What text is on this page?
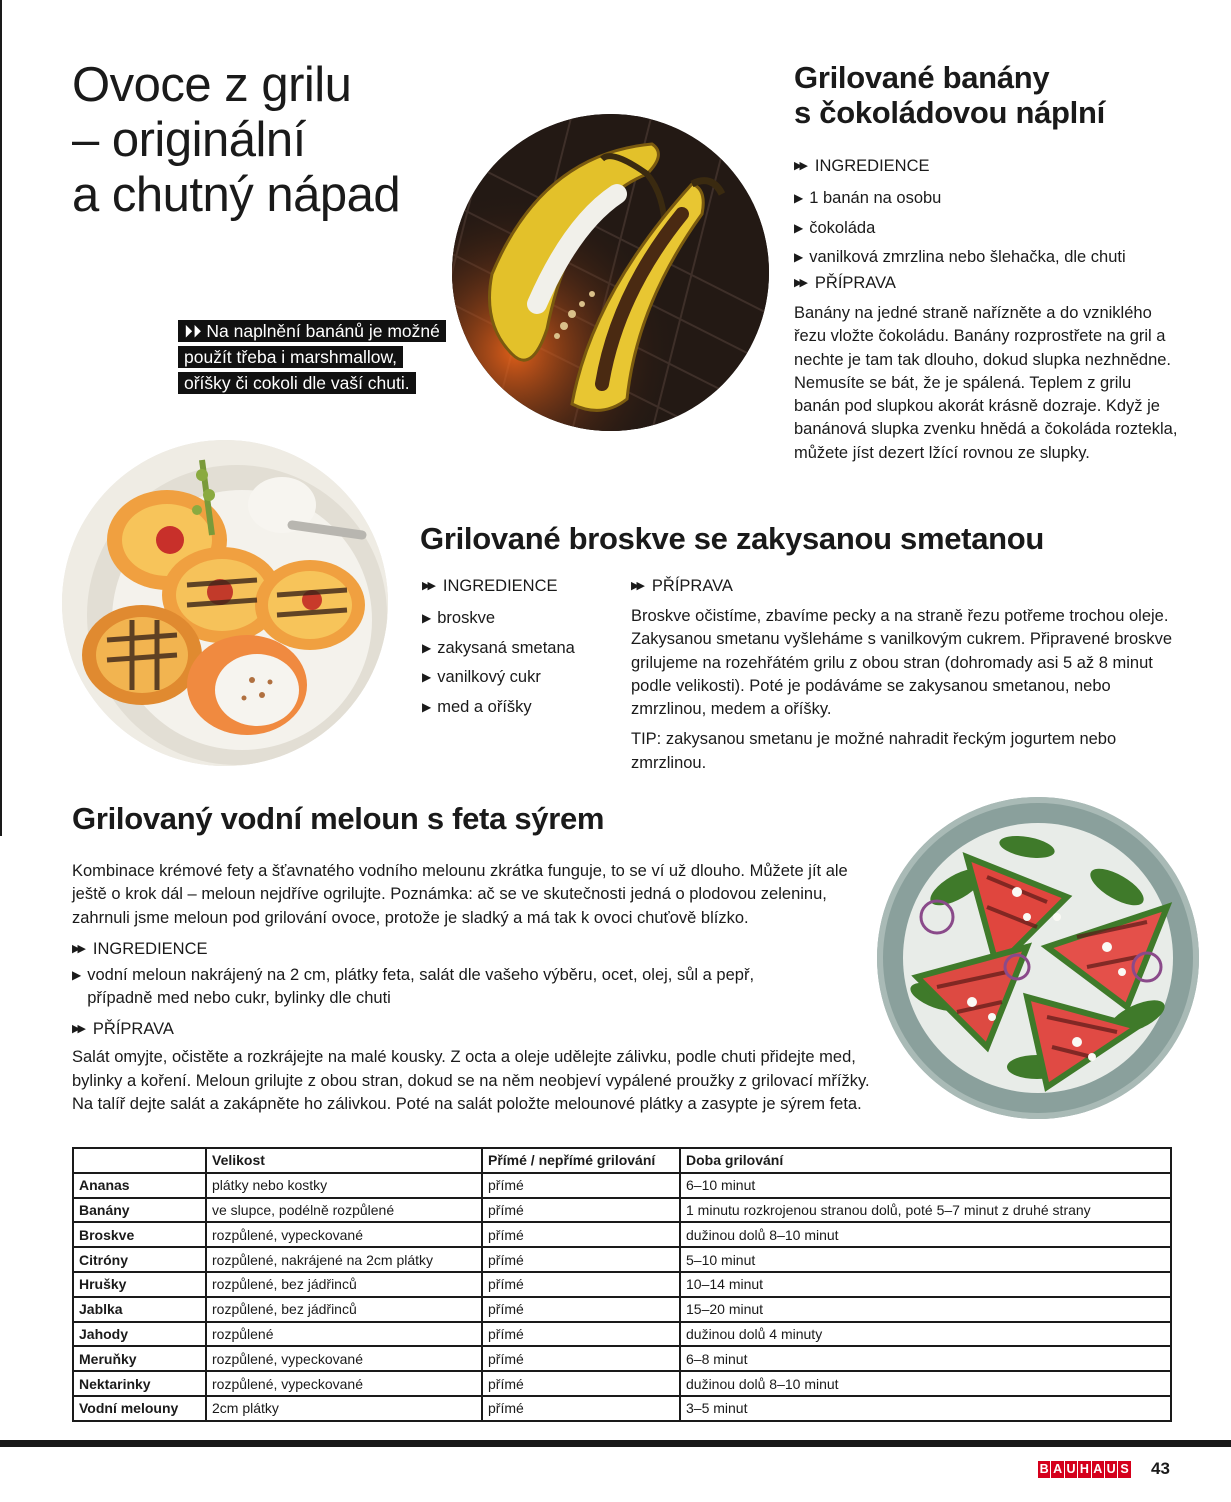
Ovoce z grilu
– originální
a chutný nápad

⏵⏵ Na naplnění banánů je možné použít třeba i marshmallow, oříšky či cokoli dle vaší chuti.

Grilované banány
s čokoládovou náplní
▶▶ INGREDIENCE
▶ 1 banán na osobu
▶ čokoláda
▶ vanilková zmrzlina nebo šlehačka, dle chuti
▶▶ PŘÍPRAVA

Banány na jedné straně nařízněte a do vzniklého řezu vložte čokoládu. Banány rozprostřete na gril a nechte je tam tak dlouho, dokud slupka nezhnědne. Nemusíte se bát, že je spálená. Teplem z grilu banán pod slupkou akorát krásně dozraje. Když je banánová slupka zvenku hnědá a čokoláda roztekla, můžete jíst dezert lžící rovnou ze slupky.

Grilované broskve se zakysanou smetanou
▶▶ INGREDIENCE
▶ broskve
▶ zakysaná smetana
▶ vanilkový cukr
▶ med a oříšky
▶▶ PŘÍPRAVA

Broskve očistíme, zbavíme pecky a na straně řezu potřeme trochou oleje. Zakysanou smetanu vyšleháme s vanilkovým cukrem. Připravené broskve grilujeme na rozehřátém grilu z obou stran (dohromady asi 5 až 8 minut podle velikosti). Poté je podáváme se zakysanou smetanou, nebo zmrzlinou, medem a oříšky.

TIP: zakysanou smetanu je možné nahradit řeckým jogurtem nebo zmrzlinou.

Grilovaný vodní meloun s feta sýrem

Kombinace krémové fety a šťavnatého vodního melounu zkrátka funguje, to se ví už dlouho. Můžete jít ale ještě o krok dál – meloun nejdříve ogrilujte. Poznámka: ač se ve skutečnosti jedná o plodovou zeleninu, zahrnuli jsme meloun pod grilování ovoce, protože je sladký a má tak k ovoci chuťově blízko.

▶▶ INGREDIENCE
▶ vodní meloun nakrájený na 2 cm, plátky feta, salát dle vašeho výběru, ocet, olej, sůl a pepř,
případně med nebo cukr, bylinky dle chuti
▶▶ PŘÍPRAVA

Salát omyjte, očistěte a rozkrájejte na malé kousky. Z octa a oleje udělejte zálivku, podle chuti přidejte med, bylinky a koření. Meloun grilujte z obou stran, dokud se na něm neobjeví vypálené proužky z grilovací mřížky. Na talíř dejte salát a zakápněte ho zálivkou. Poté na salát položte melounové plátky a zasypte je sýrem feta.

	Velikost	Přímé / nepřímé grilování	Doba grilování
Ananas	plátky nebo kostky	přímé	6–10 minut
Banány	ve slupce, podélně rozpůlené	přímé	1 minutu rozkrojenou stranou dolů, poté 5–7 minut z druhé strany
Broskve	rozpůlené, vypeckované	přímé	dužinou dolů 8–10 minut
Citróny	rozpůlené, nakrájené na 2cm plátky	přímé	5–10 minut
Hrušky	rozpůlené, bez jádřinců	přímé	10–14 minut
Jablka	rozpůlené, bez jádřinců	přímé	15–20 minut
Jahody	rozpůlené	přímé	dužinou dolů 4 minuty
Meruňky	rozpůlené, vypeckované	přímé	6–8 minut
Nektarinky	rozpůlené, vypeckované	přímé	dužinou dolů 8–10 minut
Vodní melouny	2cm plátky	přímé	3–5 minut
B A U H A U S 43
